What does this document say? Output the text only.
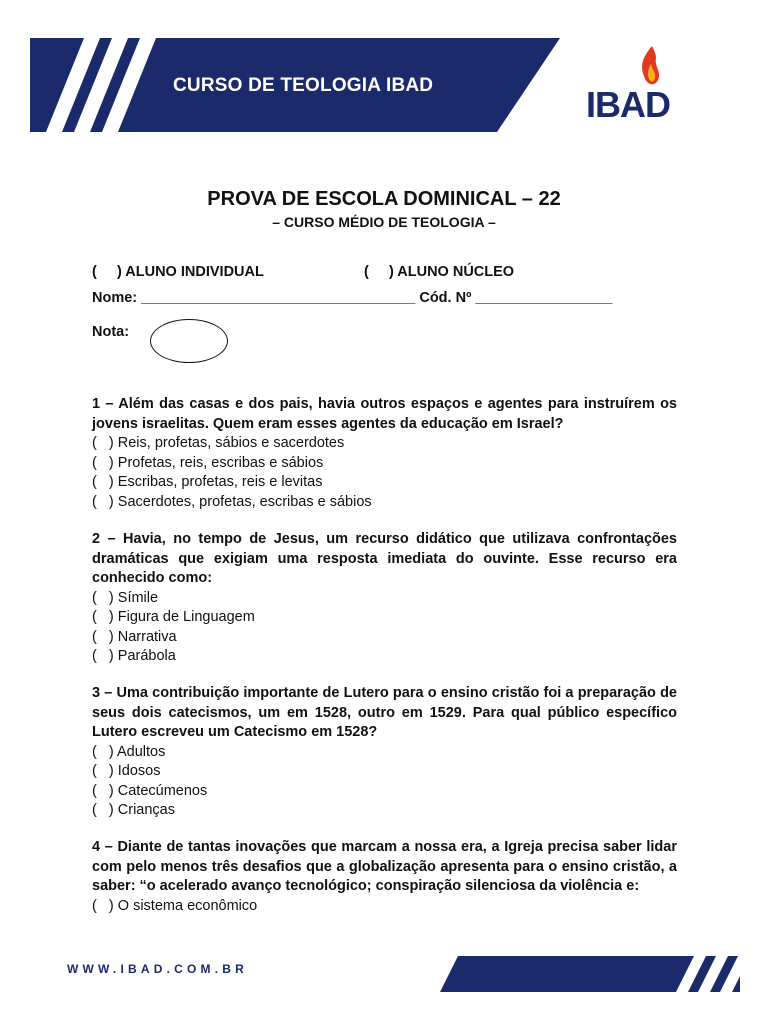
CURSO DE TEOLOGIA IBAD	IBAD
PROVA DE ESCOLA DOMINICAL – 22
– CURSO MÉDIO DE TEOLOGIA –
(     ) ALUNO INDIVIDUAL	(     ) ALUNO NÚCLEO
Nome: __________________________________ Cód. Nº _________________
Nota:
1 – Além das casas e dos pais, havia outros espaços e agentes para instruírem os jovens israelitas. Quem eram esses agentes da educação em Israel?
(   ) Reis, profetas, sábios e sacerdotes
(   ) Profetas, reis, escribas e sábios
(   ) Escribas, profetas, reis e levitas
(   ) Sacerdotes, profetas, escribas e sábios
2 – Havia, no tempo de Jesus, um recurso didático que utilizava confrontações dramáticas que exigiam uma resposta imediata do ouvinte. Esse recurso era conhecido como:
(   ) Símile
(   ) Figura de Linguagem
(   ) Narrativa
(   ) Parábola
3 – Uma contribuição importante de Lutero para o ensino cristão foi a preparação de seus dois catecismos, um em 1528, outro em 1529. Para qual público específico Lutero escreveu um Catecismo em 1528?
(   ) Adultos
(   ) Idosos
(   ) Catecúmenos
(   ) Crianças
4 – Diante de tantas inovações que marcam a nossa era, a Igreja precisa saber lidar com pelo menos três desafios que a globalização apresenta para o ensino cristão, a saber: “o acelerado avanço tecnológico; conspiração silenciosa da violência e:
(   ) O sistema econômico
WWW.IBAD.COM.BR
